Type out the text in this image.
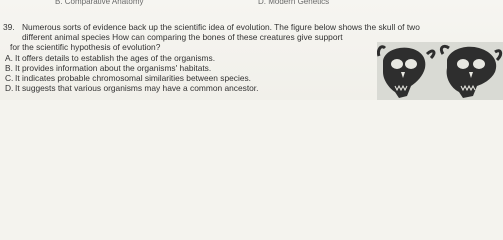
B. Comparative Anatomy	D. Modern Genetics
39. Numerous sorts of evidence back up the scientific idea of evolution. The figure below shows the skull of two
different animal species How can comparing the bones of these creatures give support
for the scientific hypothesis of evolution?
A. It offers details to establish the ages of the organisms.
B. It provides information about the organisms' habitats.
C. It indicates probable chromosomal similarities between species.
D. It suggests that various organisms may have a common ancestor.
